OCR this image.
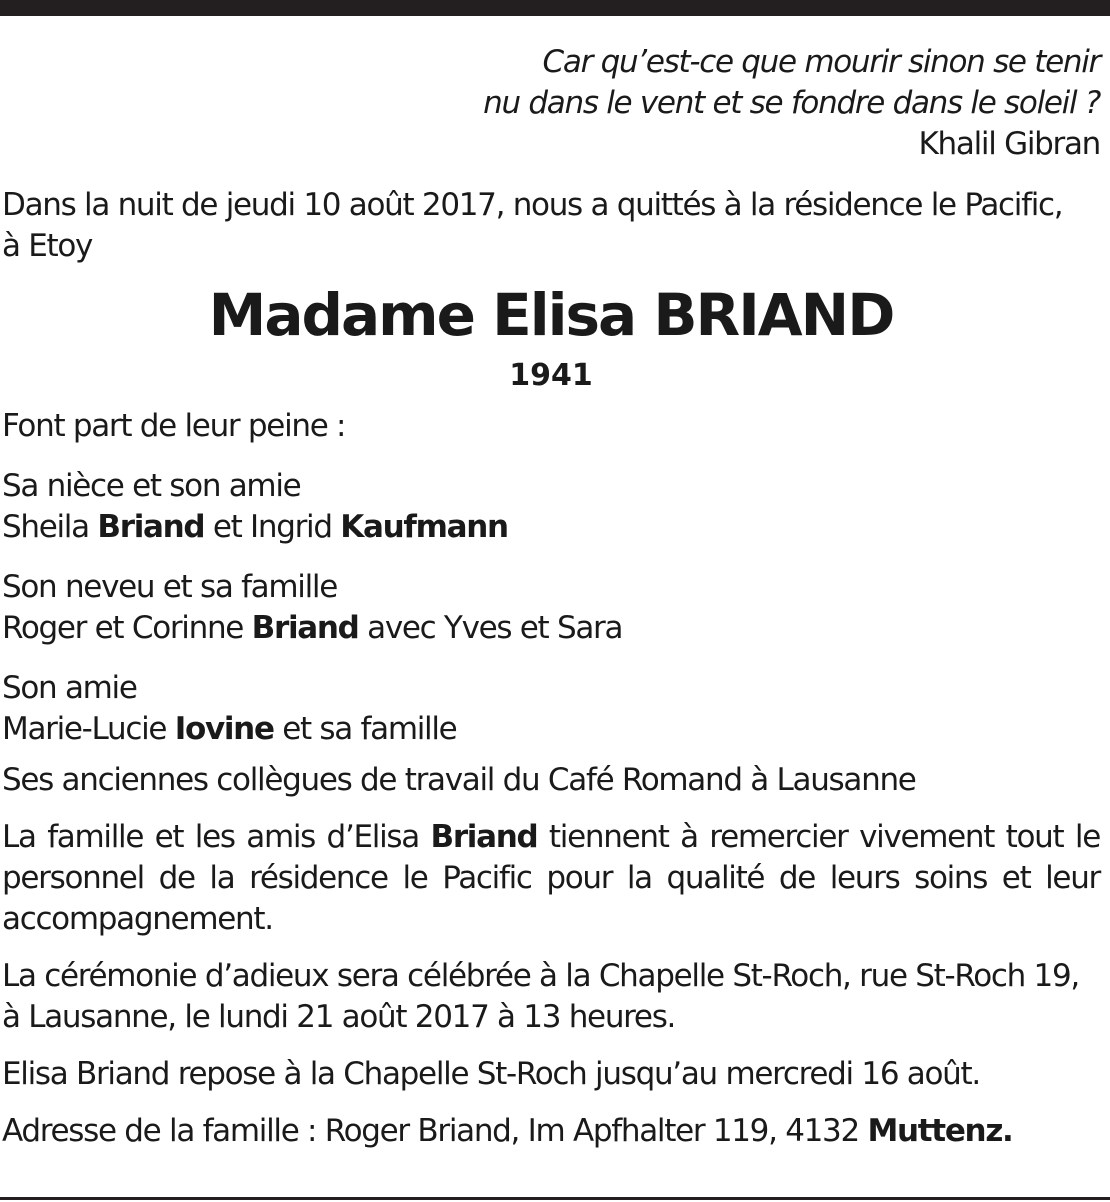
Car qu’est-ce que mourir sinon se tenir
nu dans le vent et se fondre dans le soleil ?
Khalil Gibran
Dans la nuit de jeudi 10 août 2017, nous a quittés à la résidence le Pacific,
à Etoy
Madame Elisa BRIAND
1941
Font part de leur peine :
Sa nièce et son amie
Sheila Briand et Ingrid Kaufmann
Son neveu et sa famille
Roger et Corinne Briand avec Yves et Sara
Son amie
Marie-Lucie Iovine et sa famille
Ses anciennes collègues de travail du Café Romand à Lausanne
La famille et les amis d’Elisa Briand tiennent à remercier vivement tout le personnel de la résidence le Pacific pour la qualité de leurs soins et leur accompagnement.
La cérémonie d’adieux sera célébrée à la Chapelle St-Roch, rue St-Roch 19,
à Lausanne, le lundi 21 août 2017 à 13 heures.
Elisa Briand repose à la Chapelle St-Roch jusqu’au mercredi 16 août.
Adresse de la famille : Roger Briand, Im Apfhalter 119, 4132 Muttenz.
